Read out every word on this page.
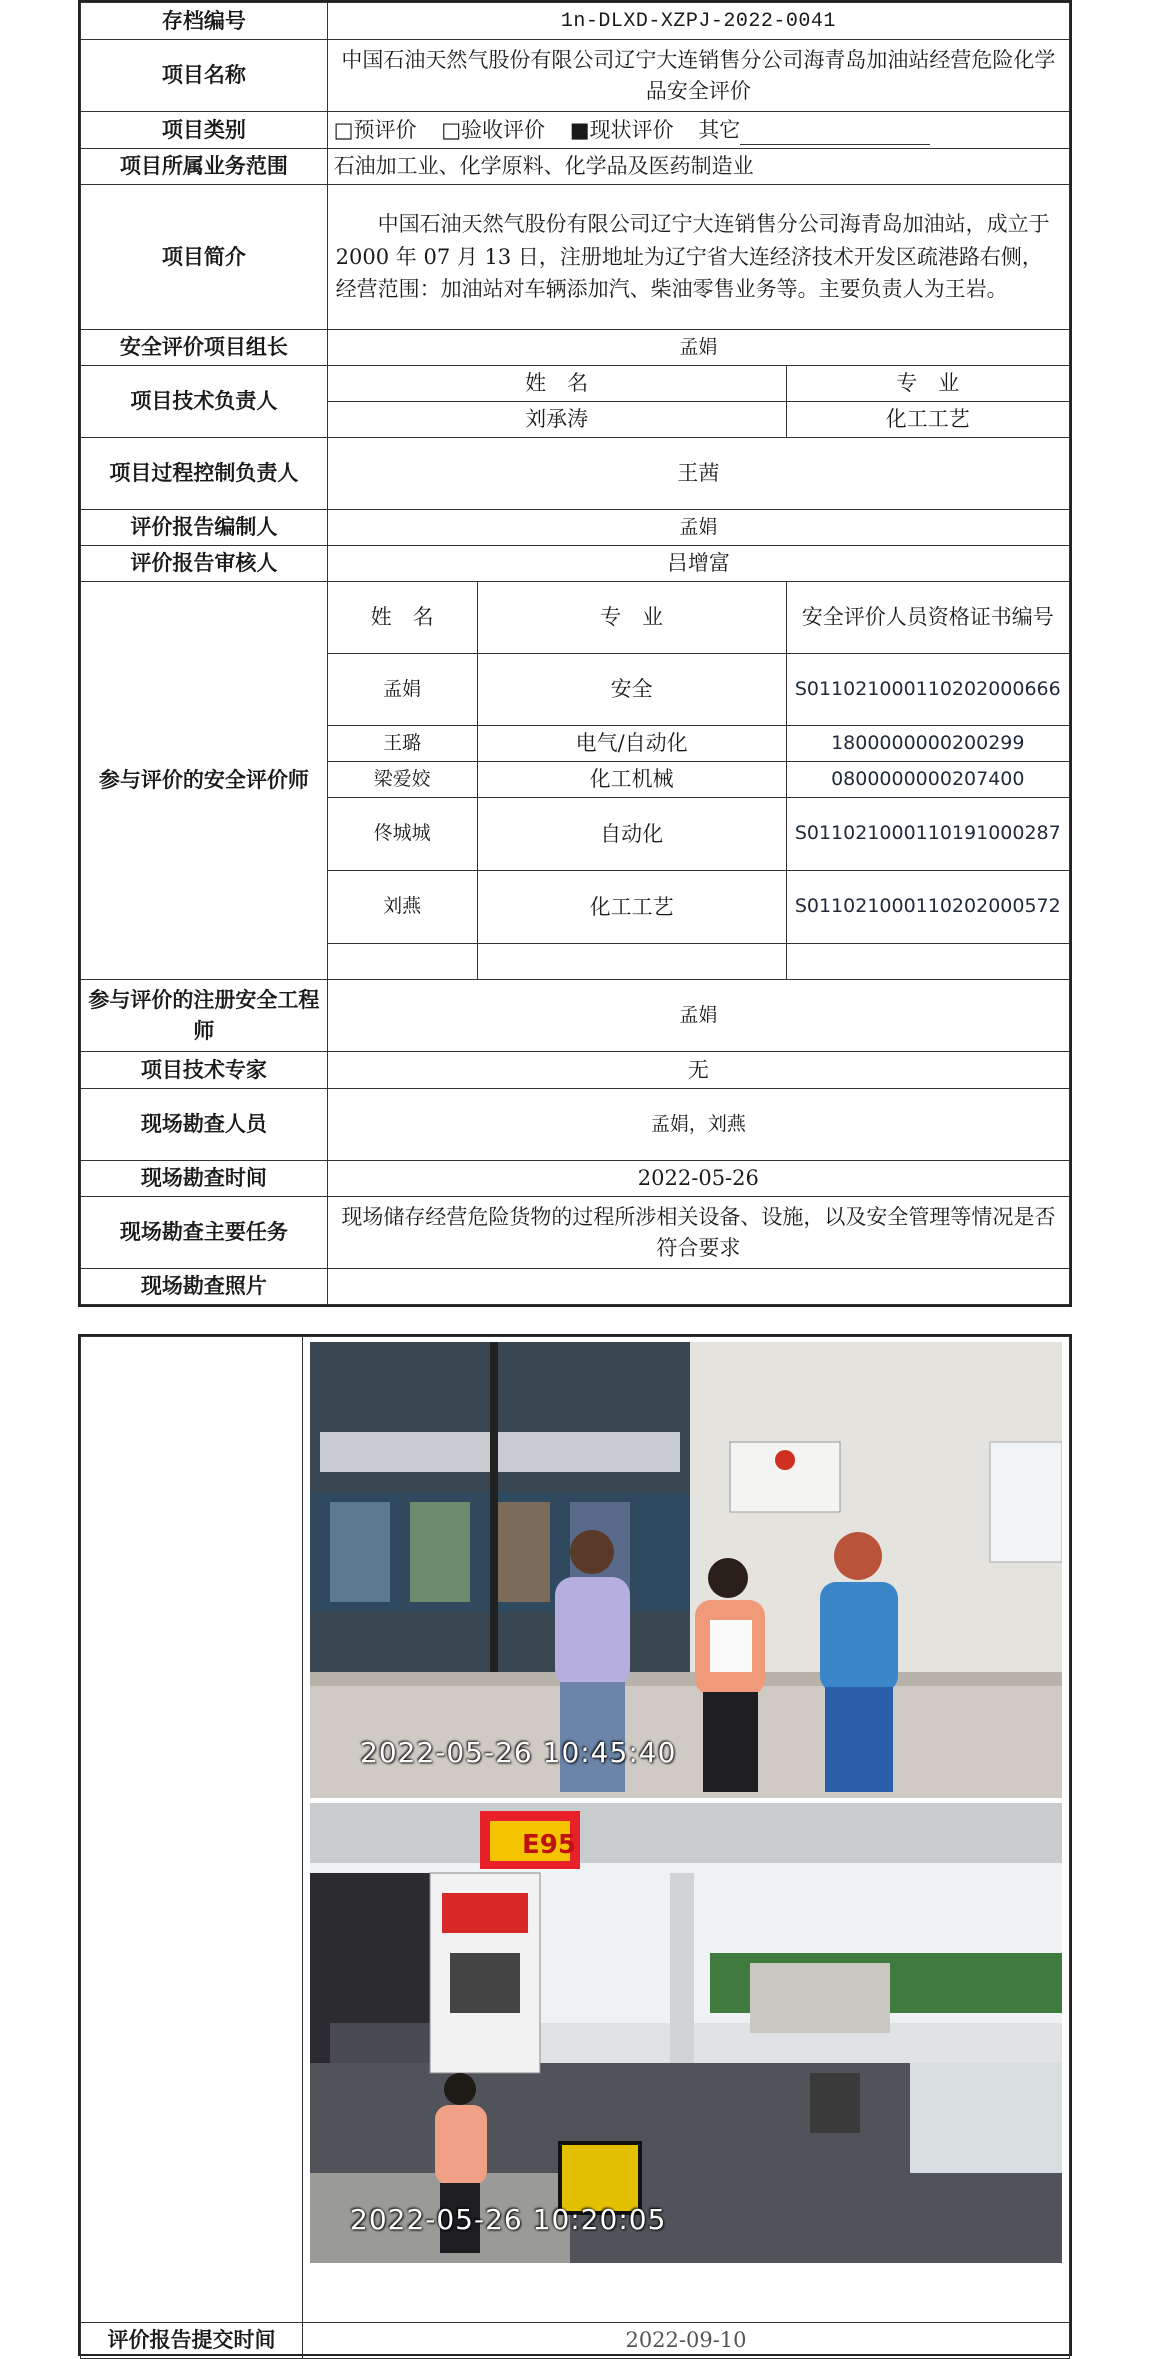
存档编号	1n-DLXD-XZPJ-2022-0041		
项目名称	中国石油天然气股份有限公司辽宁大连销售分公司海青岛加油站经营危险化学品安全评价		
项目类别	□预评价 □验收评价 ■现状评价 其它		
项目所属业务范围	石油加工业、化学原料、化学品及医药制造业		
项目简介	中国石油天然气股份有限公司辽宁大连销售分公司海青岛加油站，成立于 2000 年 07 月 13 日，注册地址为辽宁省大连经济技术开发区疏港路右侧，经营范围：加油站对车辆添加汽、柴油零售业务等。主要负责人为王岩。		
安全评价项目组长	孟娟		
项目技术负责人	姓　名		专　业
	刘承涛		化工工艺
项目过程控制负责人	王茜		
评价报告编制人	孟娟		
评价报告审核人	吕增富		
参与评价的安全评价师	姓　名	专　业	安全评价人员资格证书编号
	孟娟	安全	S011021000110202000666
	王璐	电气/自动化	1800000000200299
	梁爱姣	化工机械	0800000000207400
	佟城城	自动化	S011021000110191000287
	刘燕	化工工艺	S011021000110202000572

参与评价的注册安全工程师	孟娟		
项目技术专家	无		
现场勘查人员	孟娟，刘燕		
现场勘查时间	2022-05-26		
现场勘查主要任务	现场储存经营危险货物的过程所涉相关设备、设施，以及安全管理等情况是否符合要求		
现场勘查照片			

评价报告提交时间	2022-09-10
2022-05-26 10:45:40
E95
2022-05-26 10:20:05
